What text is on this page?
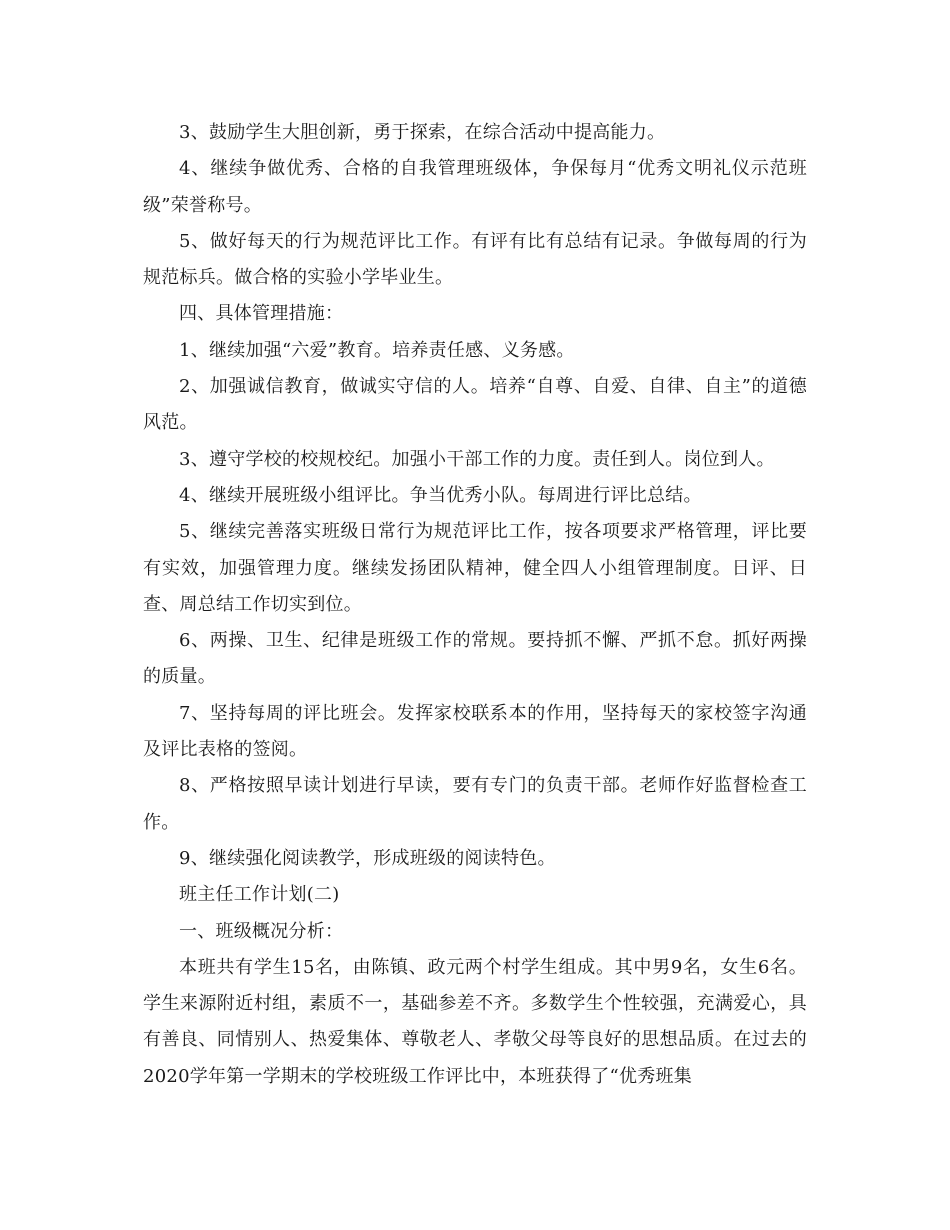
3、鼓励学生大胆创新，勇于探索，在综合活动中提高能力。

4、继续争做优秀、合格的自我管理班级体，争保每月“优秀文明礼仪示范班级”荣誉称号。

5、做好每天的行为规范评比工作。有评有比有总结有记录。争做每周的行为规范标兵。做合格的实验小学毕业生。

四、具体管理措施：

1、继续加强“六爱”教育。培养责任感、义务感。

2、加强诚信教育，做诚实守信的人。培养“自尊、自爱、自律、自主”的道德风范。

3、遵守学校的校规校纪。加强小干部工作的力度。责任到人。岗位到人。

4、继续开展班级小组评比。争当优秀小队。每周进行评比总结。

5、继续完善落实班级日常行为规范评比工作，按各项要求严格管理，评比要有实效，加强管理力度。继续发扬团队精神，健全四人小组管理制度。日评、日查、周总结工作切实到位。

6、两操、卫生、纪律是班级工作的常规。要持抓不懈、严抓不怠。抓好两操的质量。

7、坚持每周的评比班会。发挥家校联系本的作用，坚持每天的家校签字沟通及评比表格的签阅。

8、严格按照早读计划进行早读，要有专门的负责干部。老师作好监督检查工作。

9、继续强化阅读教学，形成班级的阅读特色。

班主任工作计划(二)

一、班级概况分析：

本班共有学生15名，由陈镇、政元两个村学生组成。其中男9名，女生6名。学生来源附近村组，素质不一，基础参差不齐。多数学生个性较强，充满爱心，具有善良、同情别人、热爱集体、尊敬老人、孝敬父母等良好的思想品质。在过去的2020学年第一学期末的学校班级工作评比中，本班获得了“优秀班集
